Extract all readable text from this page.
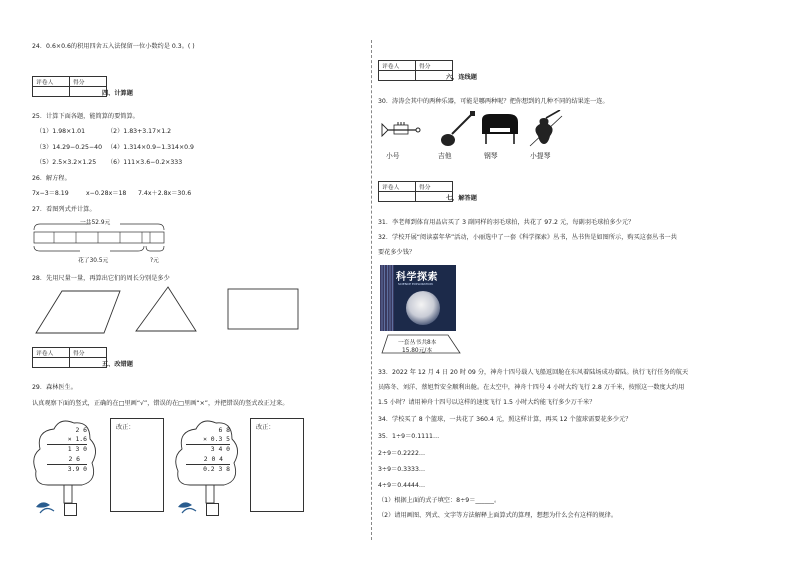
24．0.6×0.6的积用四舍五入法保留一位小数约是 0.3。( )
评卷人	得分

四、计算题
25．计算下面各题，能简算的要简算。
（1）1.98×1.01	（2）1.83+3.17×1.2
（3）14.29−0.25−40 （4）1.314×0.9−1.314×0.9
（5）2.5×3.2×1.25 （6）111×3.6−0.2×333
26．解方程。
7x−3＝8.19	x−0.28x＝18 7.4x＋2.8x＝30.6
27．看图列式并计算。
一共52.9元
花了30.5元	?元
28．先用尺量一量，再算出它们的周长分别是多少
评卷人	得分

五、改错题
29．森林医生。
认真观察下面的竖式，正确的在□里画“√”，错误的在□里画“×”，并把错误的竖式改正过来。
2 6
× 1.6
1 3 0
2 6
3.9 0
改正：	6 8
× 0.3 5
3 4 0
2 0 4
0.2 3 8
改正：
评卷人	得分

六、连线题
30．涛涛会其中的两种乐器，可能是哪两种呢？把你想到的几种不同的结果连一连。
小号	吉他	钢琴	小提琴
评卷人	得分

七、解答题
31．李老师到体育用品店买了 3 副同样的羽毛球拍，共花了 97.2 元，每副羽毛球拍多少元？
32．学校开展“阅读嘉年华”活动，小丽选中了一套《科学探索》丛书，丛书售是如图所示，购买这套丛书一共
要花多少钱？
科学探索
SCIENCE EXPLORATION
一套丛书共8本
15.80元/本
33．2022 年 12 月 4 日 20 时 09 分，神舟十四号载人飞船返回舱在东风着陆场成功着陆。执行飞行任务的航天
员陈冬、刘洋、蔡旭哲安全顺利出舱。在太空中，神舟十四号 4 小时大约飞行 2.8 万千米，按照这一数度大约用
1.5 小时？请用神舟十四号以这样的速度飞行 1.5 小时大约能飞行多少万千米？
34．学校买了 8 个篮球，一共花了 360.4 元，照这样计算，再买 12 个篮球需要花多少元？
35．1÷9＝0.1111…
2÷9＝0.2222…
3÷9＝0.3333…
4÷9＝0.4444…
（1）根据上面的式子填空：8÷9＝______。
（2）请用画图、列式、文字等方法解释上面算式的算理，想想为什么会有这样的规律。
